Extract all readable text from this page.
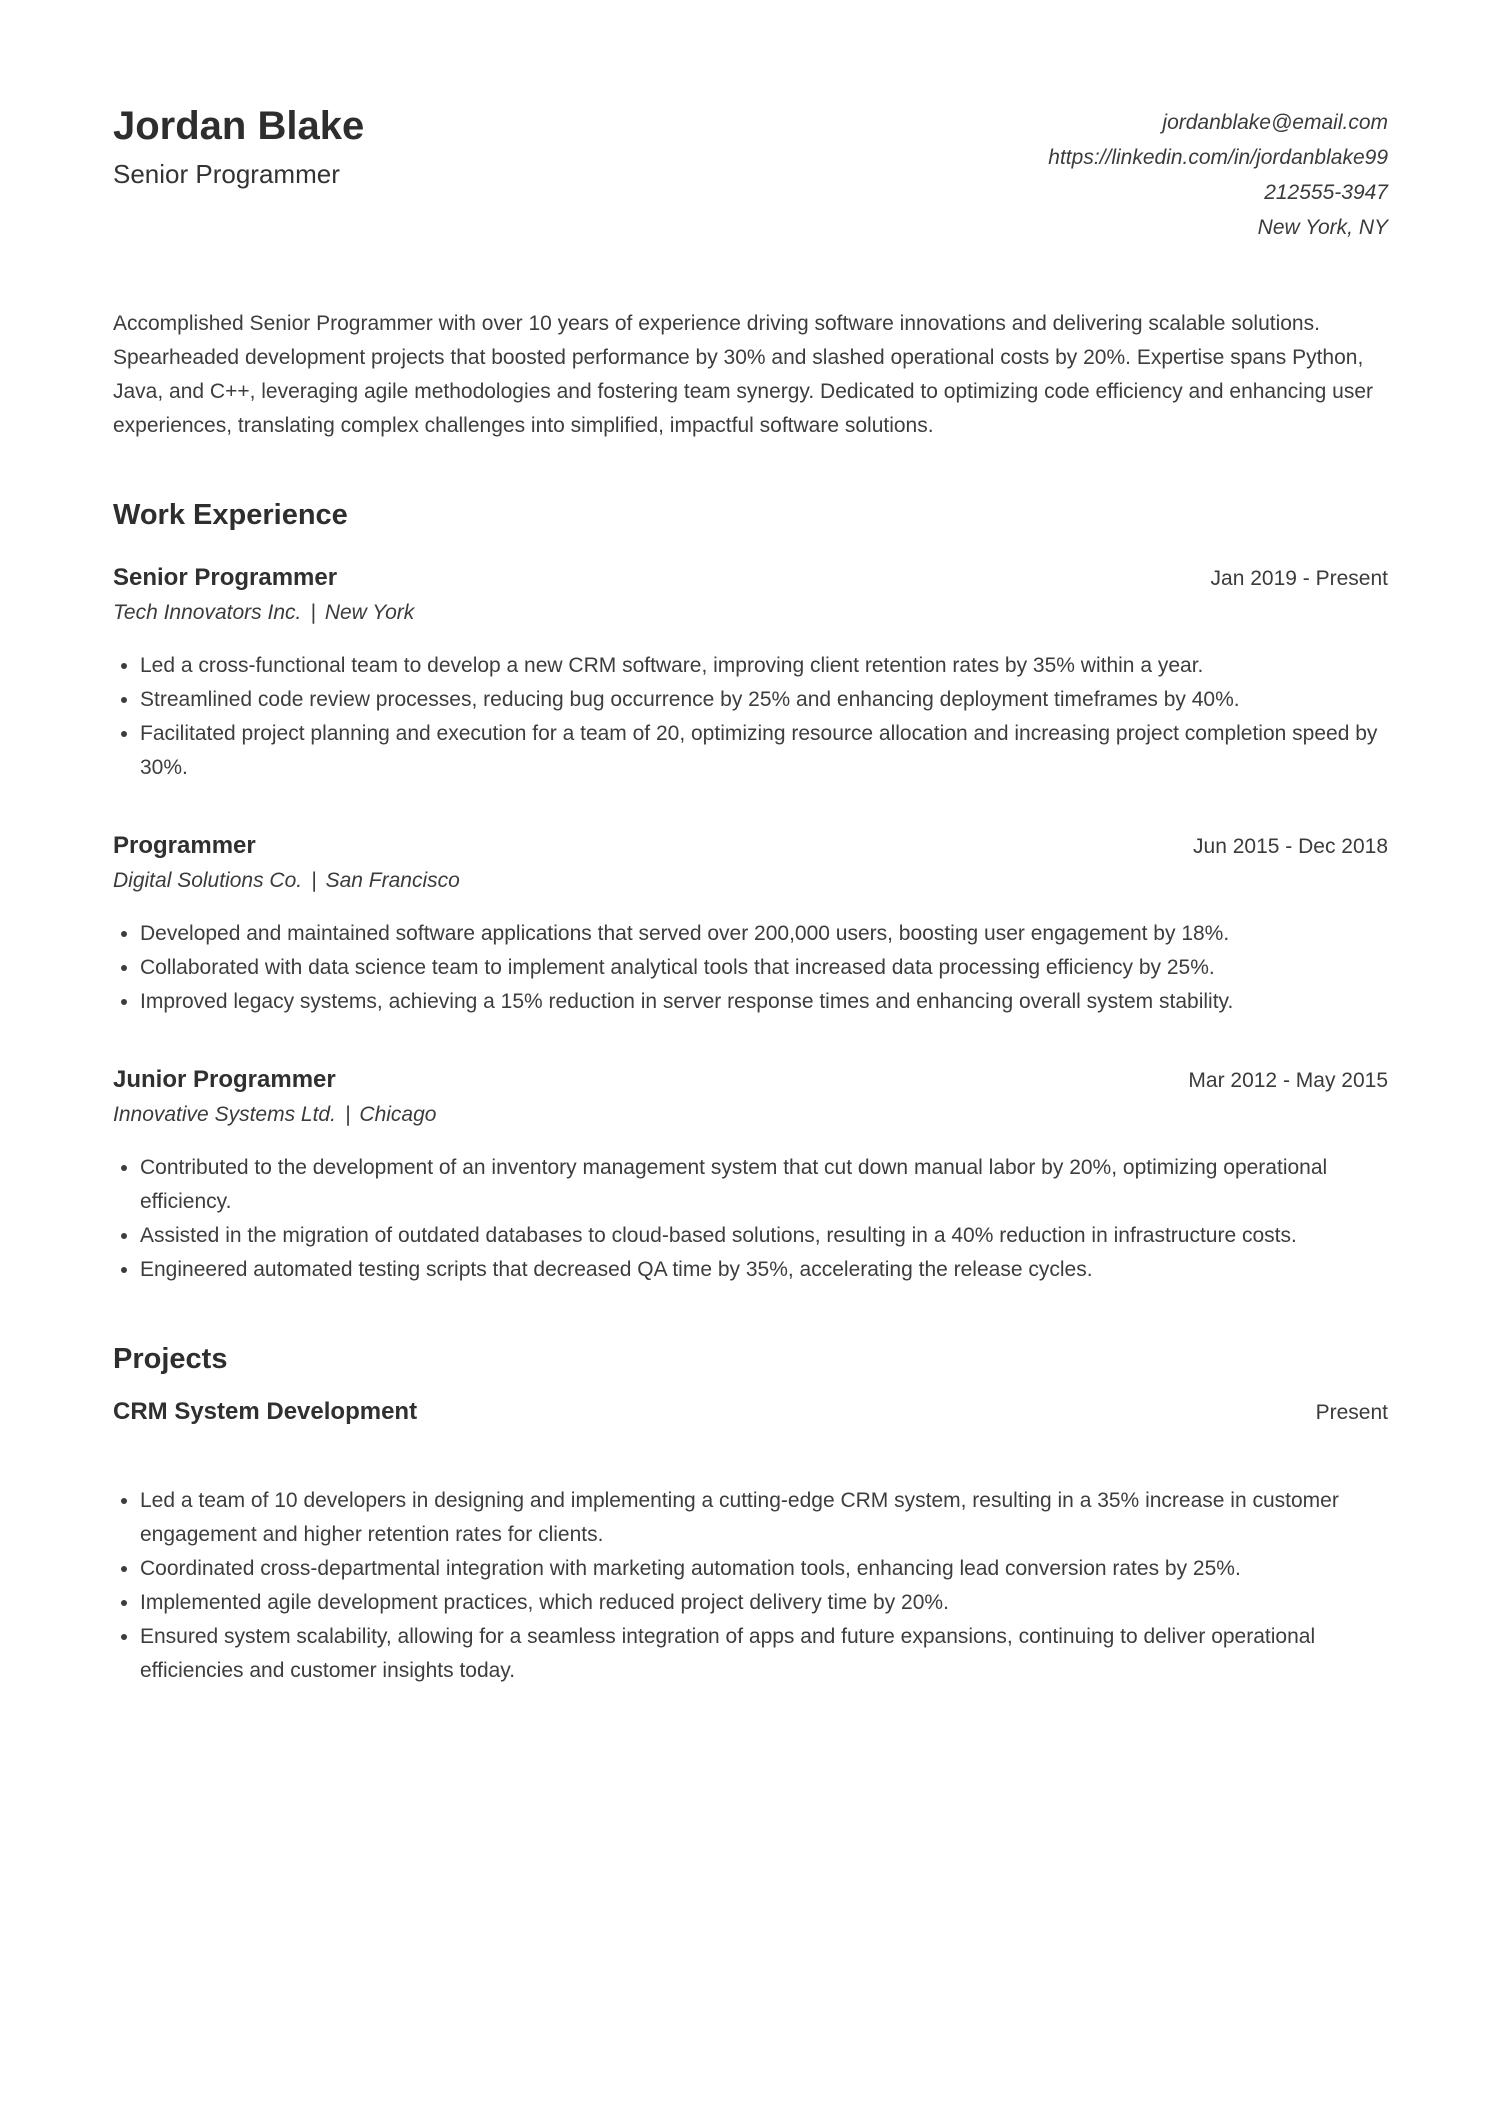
Jordan Blake
Senior Programmer
jordanblake@email.com
https://linkedin.com/in/jordanblake99
212555-3947
New York, NY

Accomplished Senior Programmer with over 10 years of experience driving software innovations and delivering scalable solutions. Spearheaded development projects that boosted performance by 30% and slashed operational costs by 20%. Expertise spans Python, Java, and C++, leveraging agile methodologies and fostering team synergy. Dedicated to optimizing code efficiency and enhancing user experiences, translating complex challenges into simplified, impactful software solutions.

Work Experience
Senior Programmer	Jan 2019 - Present
Tech Innovators Inc. | New York
• Led a cross-functional team to develop a new CRM software, improving client retention rates by 35% within a year.
• Streamlined code review processes, reducing bug occurrence by 25% and enhancing deployment timeframes by 40%.
• Facilitated project planning and execution for a team of 20, optimizing resource allocation and increasing project completion speed by 30%.
Programmer	Jun 2015 - Dec 2018
Digital Solutions Co. | San Francisco
• Developed and maintained software applications that served over 200,000 users, boosting user engagement by 18%.
• Collaborated with data science team to implement analytical tools that increased data processing efficiency by 25%.
• Improved legacy systems, achieving a 15% reduction in server response times and enhancing overall system stability.
Junior Programmer	Mar 2012 - May 2015
Innovative Systems Ltd. | Chicago
• Contributed to the development of an inventory management system that cut down manual labor by 20%, optimizing operational efficiency.
• Assisted in the migration of outdated databases to cloud-based solutions, resulting in a 40% reduction in infrastructure costs.
• Engineered automated testing scripts that decreased QA time by 35%, accelerating the release cycles.
Projects
CRM System Development	Present
• Led a team of 10 developers in designing and implementing a cutting-edge CRM system, resulting in a 35% increase in customer engagement and higher retention rates for clients.
• Coordinated cross-departmental integration with marketing automation tools, enhancing lead conversion rates by 25%.
• Implemented agile development practices, which reduced project delivery time by 20%.
• Ensured system scalability, allowing for a seamless integration of apps and future expansions, continuing to deliver operational efficiencies and customer insights today.
